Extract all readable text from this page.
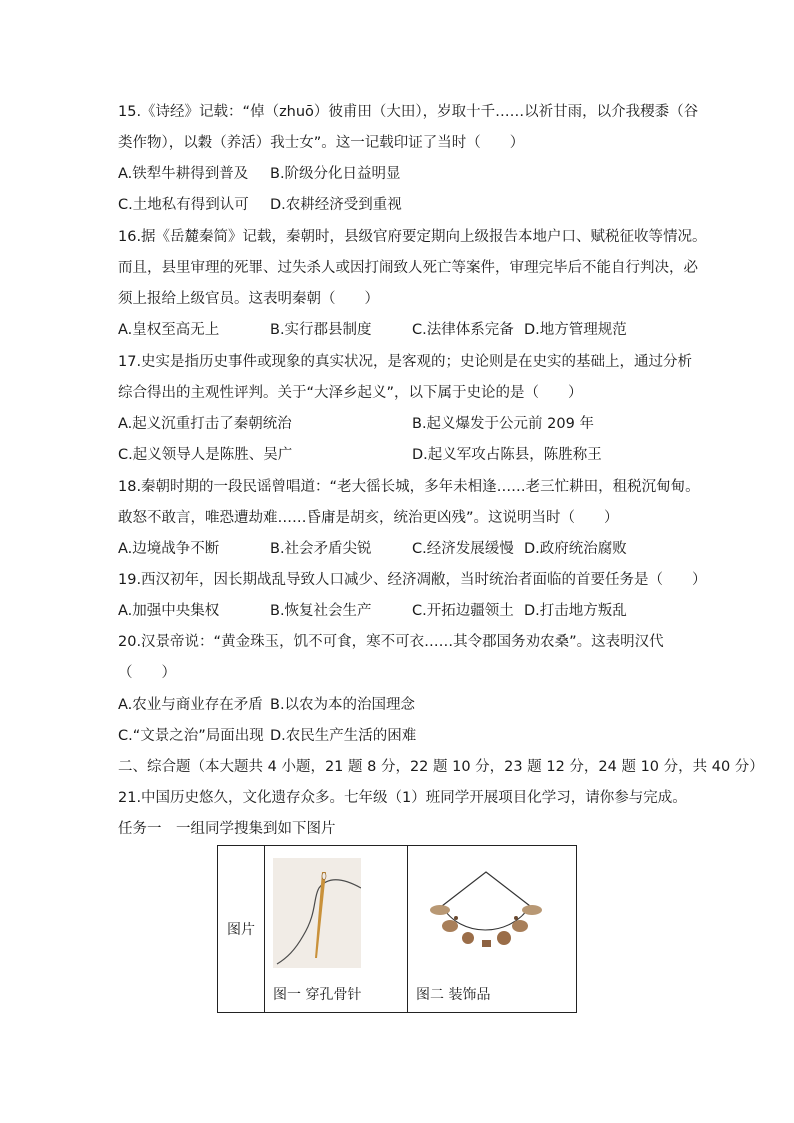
15.《诗经》记载：“倬（zhuō）彼甫田（大田），岁取十千……以祈甘雨，以介我稷黍（谷
类作物），以穀（养活）我士女”。这一记载印证了当时（　　）
A.铁犁牛耕得到普及 B.阶级分化日益明显
C.土地私有得到认可 D.农耕经济受到重视
16.据《岳麓秦简》记载，秦朝时，县级官府要定期向上级报告本地户口、赋税征收等情况。
而且，县里审理的死罪、过失杀人或因打闹致人死亡等案件，审理完毕后不能自行判决，必
须上报给上级官员。这表明秦朝（　　）
A.皇权至高无上	B.实行郡县制度	C.法律体系完备 D.地方管理规范
17.史实是指历史事件或现象的真实状况，是客观的；史论则是在史实的基础上，通过分析
综合得出的主观性评判。关于“大泽乡起义”，以下属于史论的是（　　）
A.起义沉重打击了秦朝统治	B.起义爆发于公元前 209 年
C.起义领导人是陈胜、吴广	D.起义军攻占陈县，陈胜称王
18.秦朝时期的一段民谣曾唱道：“老大徭长城，多年未相逢……老三忙耕田，租税沉甸甸。
敢怒不敢言，唯恐遭劫难……昏庸是胡亥，统治更凶残”。这说明当时（　　）
A.边境战争不断	B.社会矛盾尖锐	C.经济发展缓慢 D.政府统治腐败
19.西汉初年，因长期战乱导致人口减少、经济凋敝，当时统治者面临的首要任务是（　　）
A.加强中央集权	B.恢复社会生产	C.开拓边疆领土 D.打击地方叛乱
20.汉景帝说：“黄金珠玉，饥不可食，寒不可衣……其令郡国务劝农桑”。这表明汉代
（　　）
A.农业与商业存在矛盾 B.以农为本的治国理念
C.“文景之治”局面出现 D.农民生产生活的困难
二、综合题（本大题共 4 小题，21 题 8 分，22 题 10 分，23 题 12 分，24 题 10 分，共 40 分）
21.中国历史悠久，文化遗存众多。七年级（1）班同学开展项目化学习，请你参与完成。
任务一　一组同学搜集到如下图片
图片	
图一 穿孔骨针	图二 装饰品
